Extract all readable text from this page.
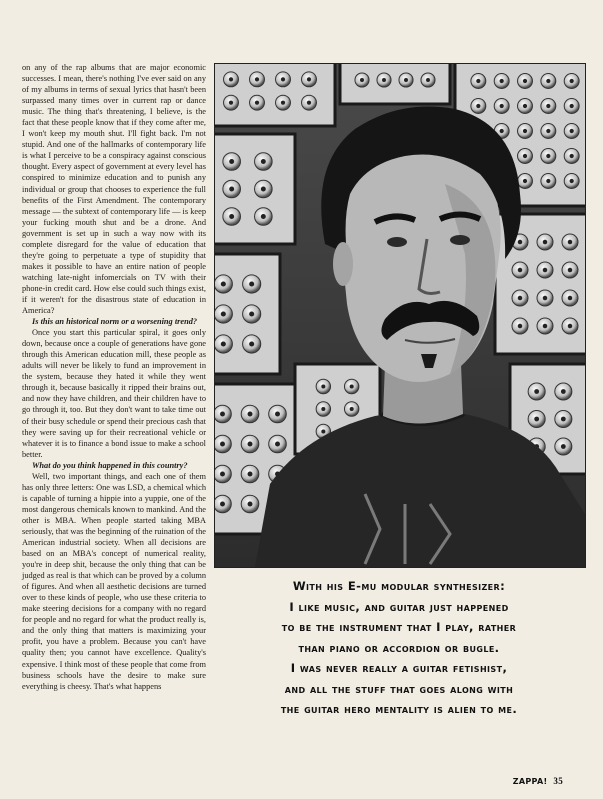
on any of the rap albums that are major economic successes. I mean, there's nothing I've ever said on any of my albums in terms of sexual lyrics that hasn't been surpassed many times over in current rap or dance music. The thing that's threatening, I believe, is the fact that these people know that if they come after me, I won't keep my mouth shut. I'll fight back. I'm not stupid. And one of the hallmarks of contemporary life is what I perceive to be a conspiracy against conscious thought. Every aspect of government at every level has conspired to minimize education and to punish any individual or group that chooses to experience the full benefits of the First Amendment. The contemporary message — the subtext of contemporary life — is keep your fucking mouth shut and be a drone. And government is set up in such a way now with its complete disregard for the value of education that they're going to perpetuate a type of stupidity that makes it possible to have an entire nation of people watching late-night infomercials on TV with their phone-in credit card. How else could such things exist, if it weren't for the disastrous state of education in America?

Is this an historical norm or a worsening trend?

Once you start this particular spiral, it goes only down, because once a couple of generations have gone through this American education mill, these people as adults will never be likely to fund an improvement in the system, because they hated it while they went through it, because basically it ripped their brains out, and now they have children, and their children have to go through it, too. But they don't want to take time out of their busy schedule or spend their precious cash that they were saving up for their recreational vehicle or whatever it is to finance a bond issue to make a school better.

What do you think happened in this country?

Well, two important things, and each one of them has only three letters: One was LSD, a chemical which is capable of turning a hippie into a yuppie, one of the most dangerous chemicals known to mankind. And the other is MBA. When people started taking MBA seriously, that was the beginning of the ruination of the American industrial society. When all decisions are based on an MBA's concept of numerical reality, you're in deep shit, because the only thing that can be judged as real is that which can be proved by a column of figures. And when all aesthetic decisions are turned over to these kinds of people, who use these criteria to make steering decisions for a company with no regard for people and no regard for what the product really is, and the only thing that matters is maximizing your profit, you have a problem. Because you can't have quality then; you cannot have excellence. Quality's expensive. I think most of these people that come from business schools have the desire to make sure everything is cheesy. That's what happens

With his E-mu modular synthesizer:
I like music, and guitar just happened
to be the instrument that I play, rather
than piano or accordion or bugle.
I was never really a guitar fetishist,
and all the stuff that goes along with
the guitar hero mentality is alien to me.
ZAPPA! 35
